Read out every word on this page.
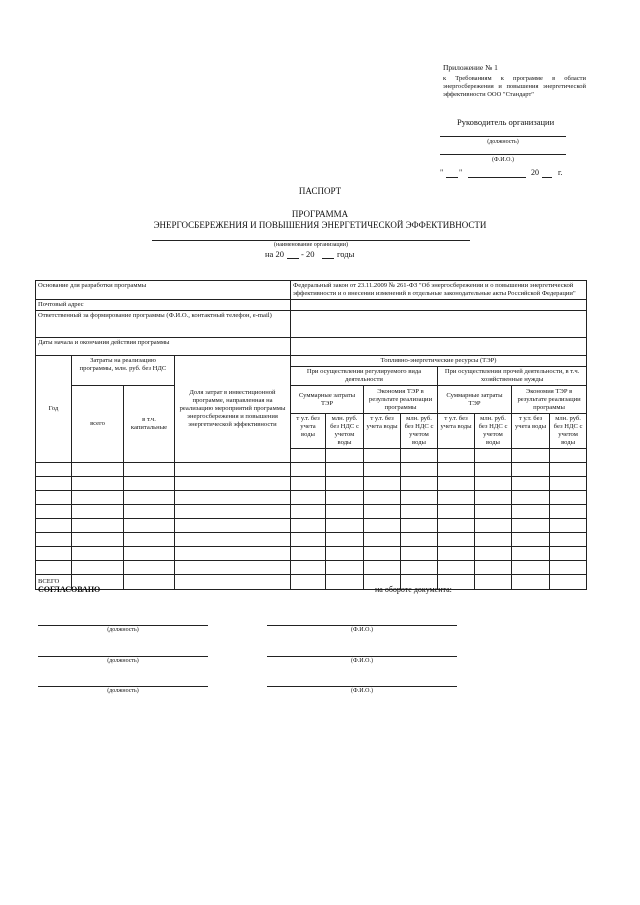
Приложение № 1
к Требованиям к программе в области энергосбережения и повышения энергетической эффективности ООО "Стандарт"
Руководитель организации
(должность)
(Ф.И.О.)
" "	20 г.
ПАСПОРТ
ПРОГРАММА
ЭНЕРГОСБЕРЕЖЕНИЯ И ПОВЫШЕНИЯ ЭНЕРГЕТИЧЕСКОЙ ЭФФЕКТИВНОСТИ
(наименование организации)
на 20 - 20	годы
Основание для разработки программы				Федеральный закон от 23.11.2009 № 261-ФЗ "Об энергосбережении и о повышении энергетической эффективности и о внесении изменений в отдельные законодательные акты Российской Федерации"							
Почтовый адрес											
Ответственный за формирование программы (Ф.И.О., контактный телефон, e-mail)											
Даты начала и окончания действия программы											
Год	Затраты на реализацию программы, млн. руб. без НДС		Доля затрат в инвестиционной программе, направленная на реализацию мероприятий программы энергосбережения и повышения энергетической эффективности	Топливно-энергетические ресурсы (ТЭР)							
				При осуществлении регулируемого вида деятельности				При осуществлении прочей деятельности, в т.ч. хозяйственные нужды			
	всего	в т.ч. капитальные		Суммарные затраты ТЭР		Экономия ТЭР в результате реализации программы		Суммарные затраты ТЭР		Экономия ТЭР в результате реализации программы	
				т у.т. без учета воды	млн. руб. без НДС с учетом воды	т у.т. без учета воды	млн. руб. без НДС с учетом воды	т у.т. без учета воды	млн. руб. без НДС с учетом воды	т у.т. без учета воды	млн. руб. без НДС с учетом воды

ВСЕГО											
СОГЛАСОВАНО	на обороте документа:
(должность)	(Ф.И.О.)
(должность)	(Ф.И.О.)
(должность)	(Ф.И.О.)
